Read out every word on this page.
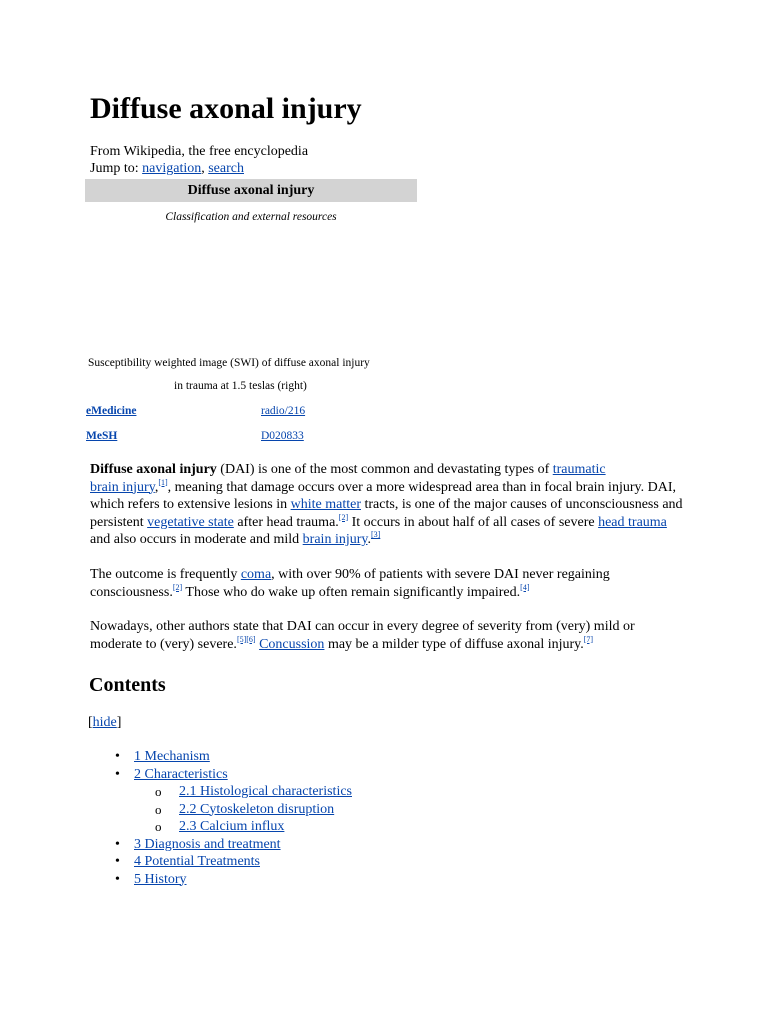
Diffuse axonal injury
From Wikipedia, the free encyclopedia
Jump to: navigation, search
Diffuse axonal injury
Classification and external resources
Susceptibility weighted image (SWI) of diffuse axonal injury
in trauma at 1.5 teslas (right)
eMedicine	radio/216
MeSH	D020833
Diffuse axonal injury (DAI) is one of the most common and devastating types of traumatic
brain injury,[1], meaning that damage occurs over a more widespread area than in focal brain injury. DAI, which refers to extensive lesions in white matter tracts, is one of the major causes of unconsciousness and persistent vegetative state after head trauma.[2] It occurs in about half of all cases of severe head trauma and also occurs in moderate and mild brain injury.[3]
The outcome is frequently coma, with over 90% of patients with severe DAI never regaining consciousness.[2] Those who do wake up often remain significantly impaired.[4]
Nowadays, other authors state that DAI can occur in every degree of severity from (very) mild or moderate to (very) severe.[5][6] Concussion may be a milder type of diffuse axonal injury.[7]
Contents
[hide]
• 1 Mechanism
• 2 Characteristics
o 2.1 Histological characteristics
o 2.2 Cytoskeleton disruption
o 2.3 Calcium influx
• 3 Diagnosis and treatment
• 4 Potential Treatments
• 5 History
